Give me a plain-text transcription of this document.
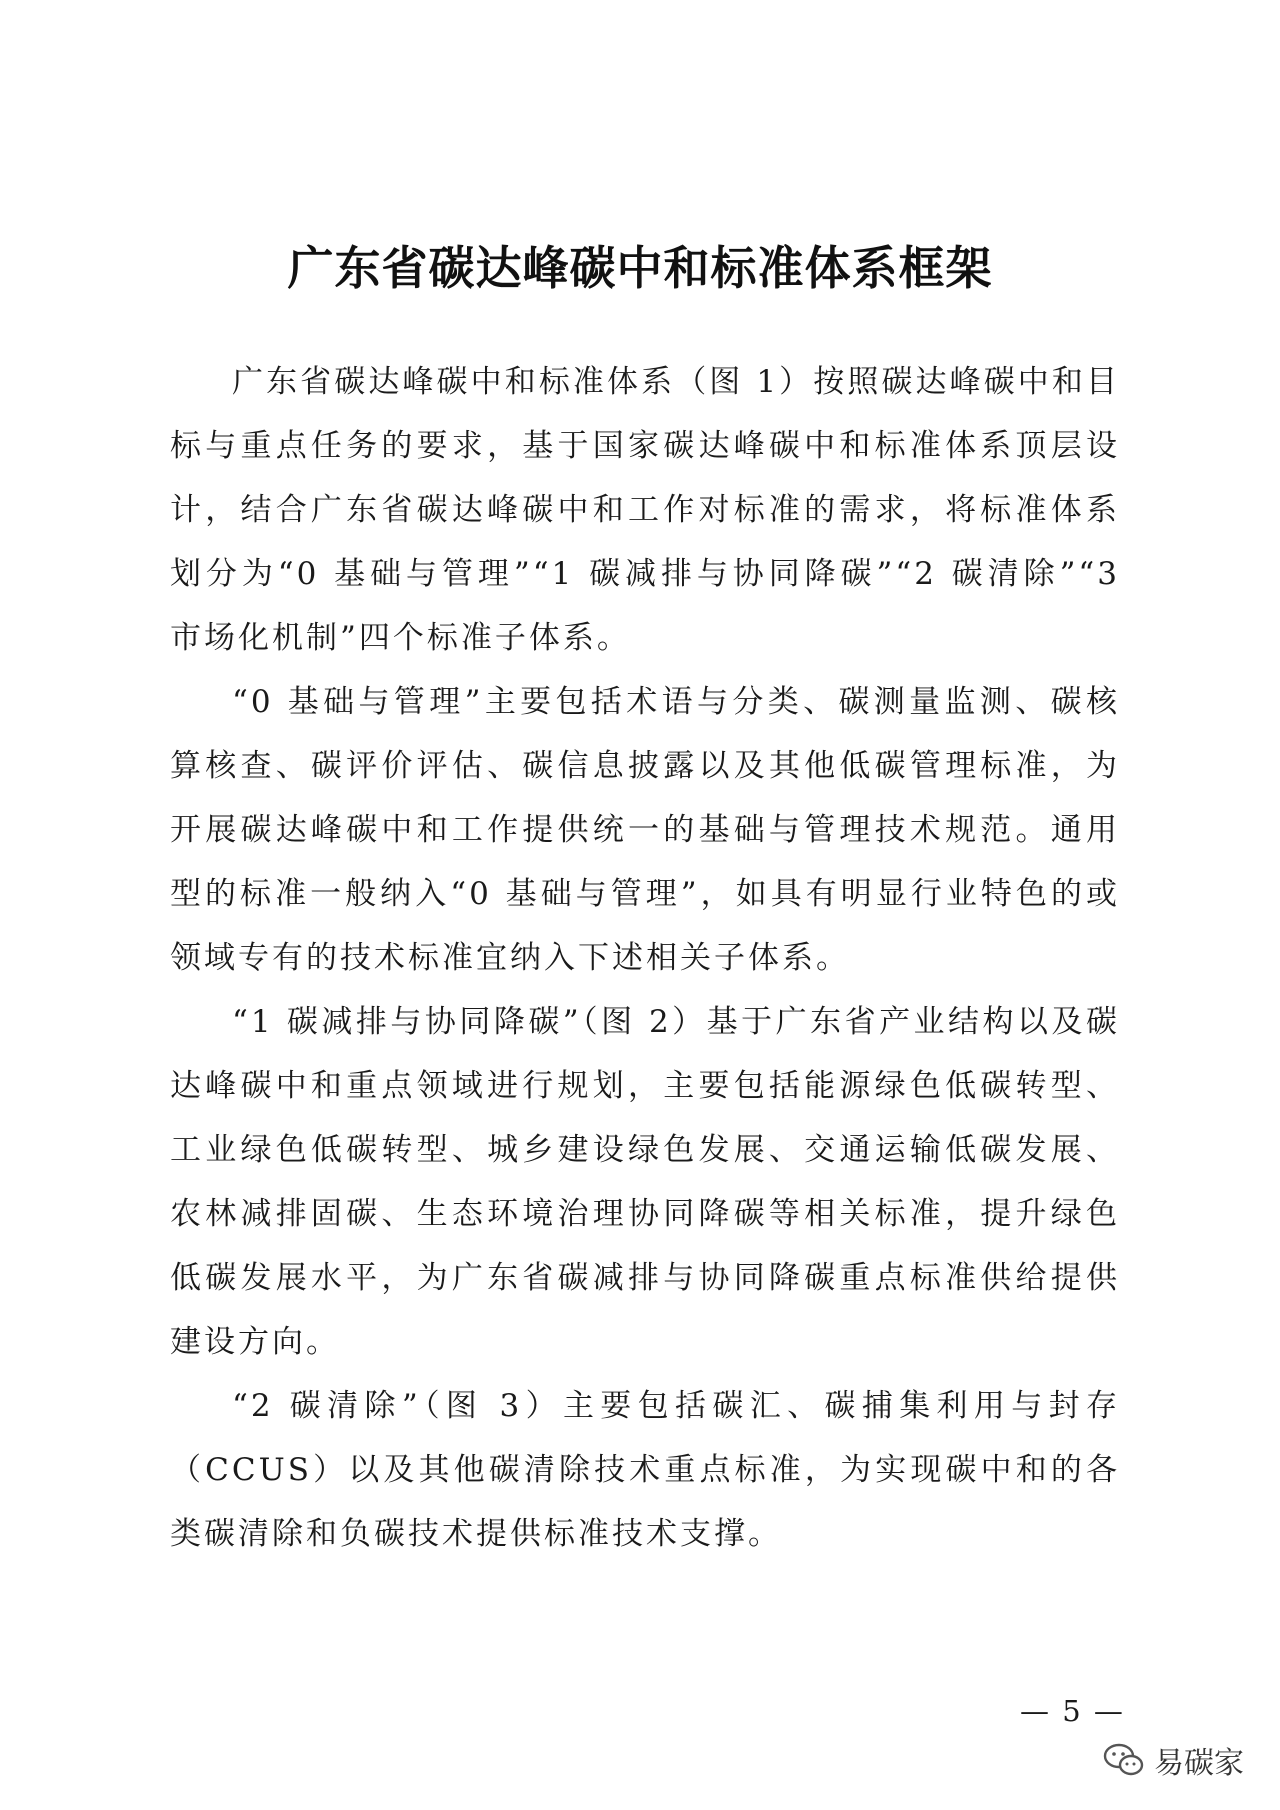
广东省碳达峰碳中和标准体系框架

广东省碳达峰碳中和标准体系（图 1）按照碳达峰碳中和目标与重点任务的要求，基于国家碳达峰碳中和标准体系顶层设计，结合广东省碳达峰碳中和工作对标准的需求，将标准体系划分为“0 基础与管理”“1 碳减排与协同降碳”“2 碳清除”“3 市场化机制”四个标准子体系。

“0 基础与管理”主要包括术语与分类、碳测量监测、碳核算核查、碳评价评估、碳信息披露以及其他低碳管理标准，为开展碳达峰碳中和工作提供统一的基础与管理技术规范。通用型的标准一般纳入“0 基础与管理”，如具有明显行业特色的或领域专有的技术标准宜纳入下述相关子体系。

“1 碳减排与协同降碳”（图 2）基于广东省产业结构以及碳达峰碳中和重点领域进行规划，主要包括能源绿色低碳转型、工业绿色低碳转型、城乡建设绿色发展、交通运输低碳发展、农林减排固碳、生态环境治理协同降碳等相关标准，提升绿色低碳发展水平，为广东省碳减排与协同降碳重点标准供给提供建设方向。

“2 碳清除”（图 3）主要包括碳汇、碳捕集利用与封存（CCUS）以及其他碳清除技术重点标准，为实现碳中和的各类碳清除和负碳技术提供标准技术支撑。

— 5 —
易碳家
